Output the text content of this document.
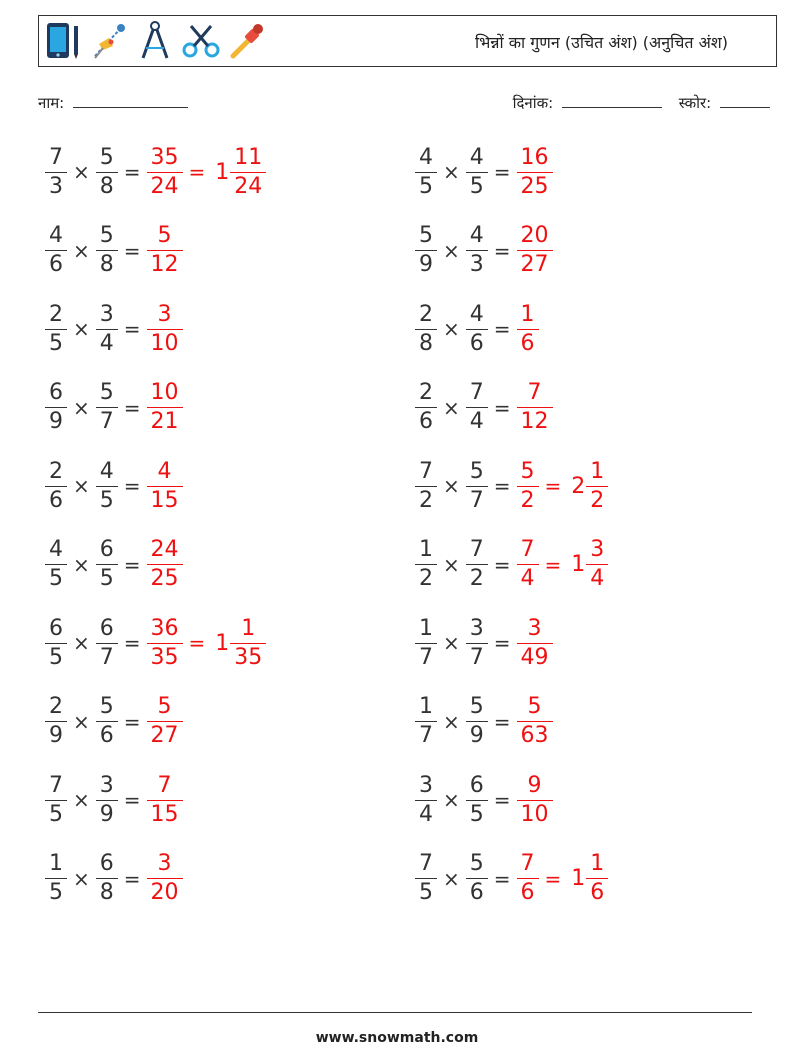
भिन्नों का गुणन (उचित अंश) (अनुचित अंश)
नाम:	दिनांक:	स्कोर:
$\frac{7}{3} \times \frac{5}{8} = \frac{35}{24} = 1 \frac{11}{24}$	$\frac{4}{5} \times \frac{4}{5} = \frac{16}{25}$
$\frac{4}{6} \times \frac{5}{8} = \frac{5}{12}$	$\frac{5}{9} \times \frac{4}{3} = \frac{20}{27}$
$\frac{2}{5} \times \frac{3}{4} = \frac{3}{10}$	$\frac{2}{8} \times \frac{4}{6} = \frac{1}{6}$
$\frac{6}{9} \times \frac{5}{7} = \frac{10}{21}$	$\frac{2}{6} \times \frac{7}{4} = \frac{7}{12}$
$\frac{2}{6} \times \frac{4}{5} = \frac{4}{15}$	$\frac{7}{2} \times \frac{5}{7} = \frac{5}{2} = 2 \frac{1}{2}$
$\frac{4}{5} \times \frac{6}{5} = \frac{24}{25}$	$\frac{1}{2} \times \frac{7}{2} = \frac{7}{4} = 1 \frac{3}{4}$
$\frac{6}{5} \times \frac{6}{7} = \frac{36}{35} = 1 \frac{1}{35}$	$\frac{1}{7} \times \frac{3}{7} = \frac{3}{49}$
$\frac{2}{9} \times \frac{5}{6} = \frac{5}{27}$	$\frac{1}{7} \times \frac{5}{9} = \frac{5}{63}$
$\frac{7}{5} \times \frac{3}{9} = \frac{7}{15}$	$\frac{3}{4} \times \frac{6}{5} = \frac{9}{10}$
$\frac{1}{5} \times \frac{6}{8} = \frac{3}{20}$	$\frac{7}{5} \times \frac{5}{6} = \frac{7}{6} = 1 \frac{1}{6}$
www.snowmath.com
